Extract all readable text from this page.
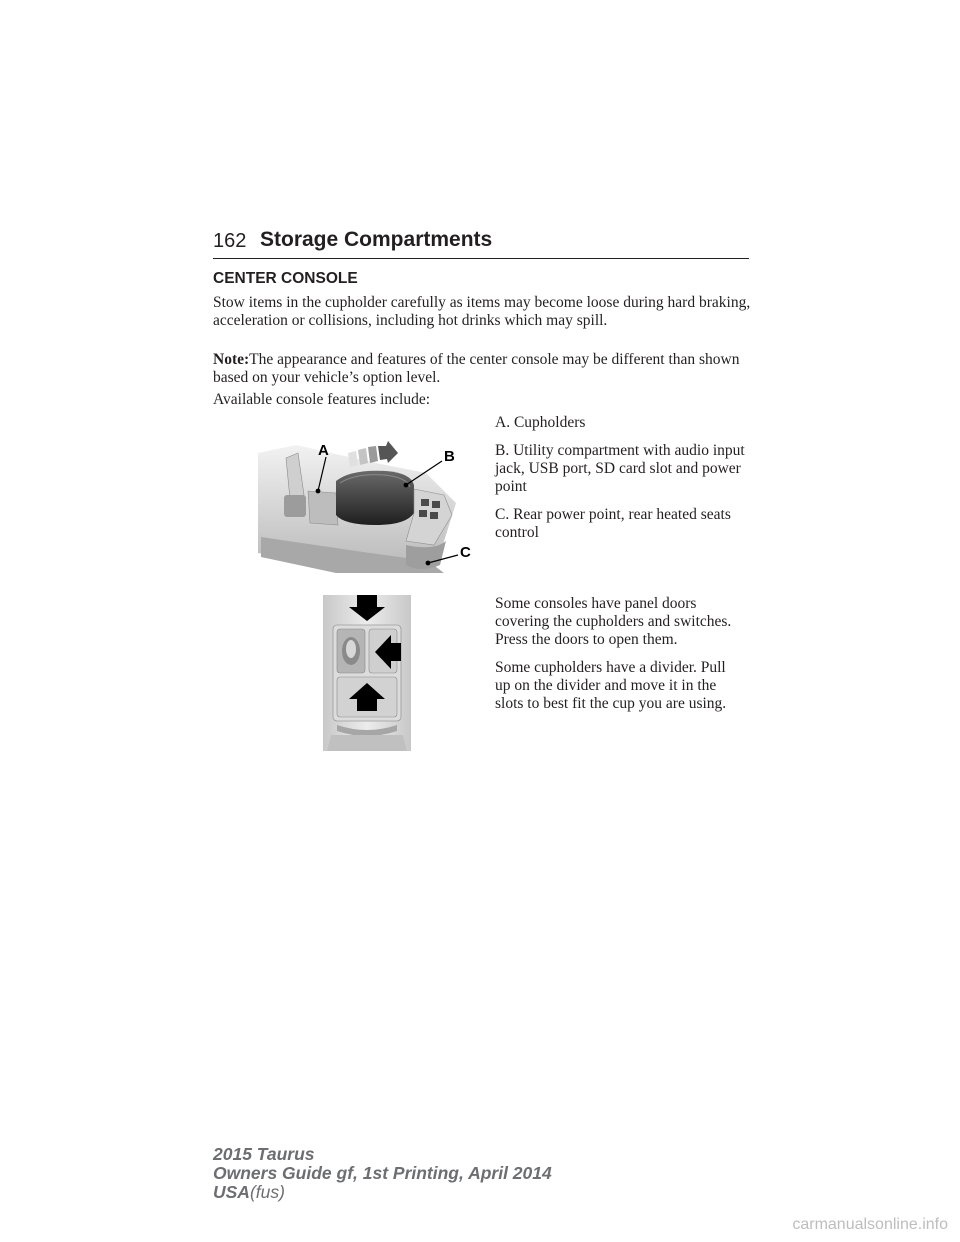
162 Storage Compartments
CENTER CONSOLE

Stow items in the cupholder carefully as items may become loose during hard braking, acceleration or collisions, including hot drinks which may spill.

Note:The appearance and features of the center console may be different than shown based on your vehicle’s option level.

Available console features include:

A	B
C

A. Cupholders

B. Utility compartment with audio input jack, USB port, SD card slot and power point

C. Rear power point, rear heated seats control

Some consoles have panel doors covering the cupholders and switches. Press the doors to open them.

Some cupholders have a divider. Pull up on the divider and move it in the slots to best fit the cup you are using.

2015 Taurus
Owners Guide gf, 1st Printing, April 2014
USA(fus)
carmanualsonline.info
